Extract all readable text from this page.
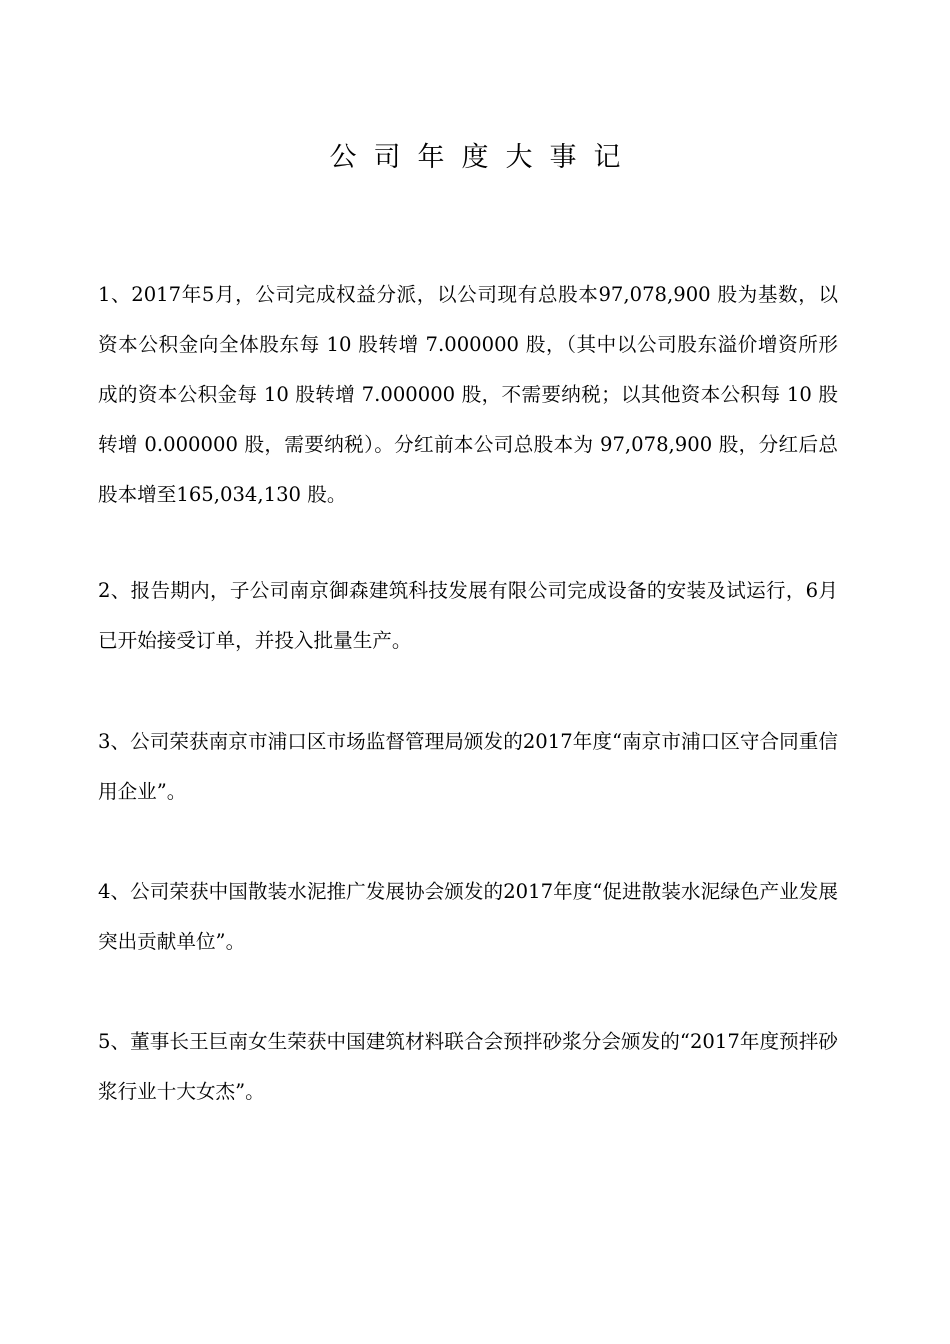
公司年度大事记

1、2017年5月，公司完成权益分派，以公司现有总股本97,078,900 股为基数，以资本公积金向全体股东每 10 股转增 7.000000 股，（其中以公司股东溢价增资所形成的资本公积金每 10 股转增 7.000000 股，不需要纳税；以其他资本公积每 10 股转增 0.000000 股，需要纳税）。分红前本公司总股本为 97,078,900 股，分红后总股本增至165,034,130 股。

2、报告期内，子公司南京御森建筑科技发展有限公司完成设备的安装及试运行，6月已开始接受订单，并投入批量生产。

3、公司荣获南京市浦口区市场监督管理局颁发的2017年度“南京市浦口区守合同重信用企业”。

4、公司荣获中国散装水泥推广发展协会颁发的2017年度“促进散装水泥绿色产业发展突出贡献单位”。

5、董事长王巨南女生荣获中国建筑材料联合会预拌砂浆分会颁发的“2017年度预拌砂浆行业十大女杰”。
